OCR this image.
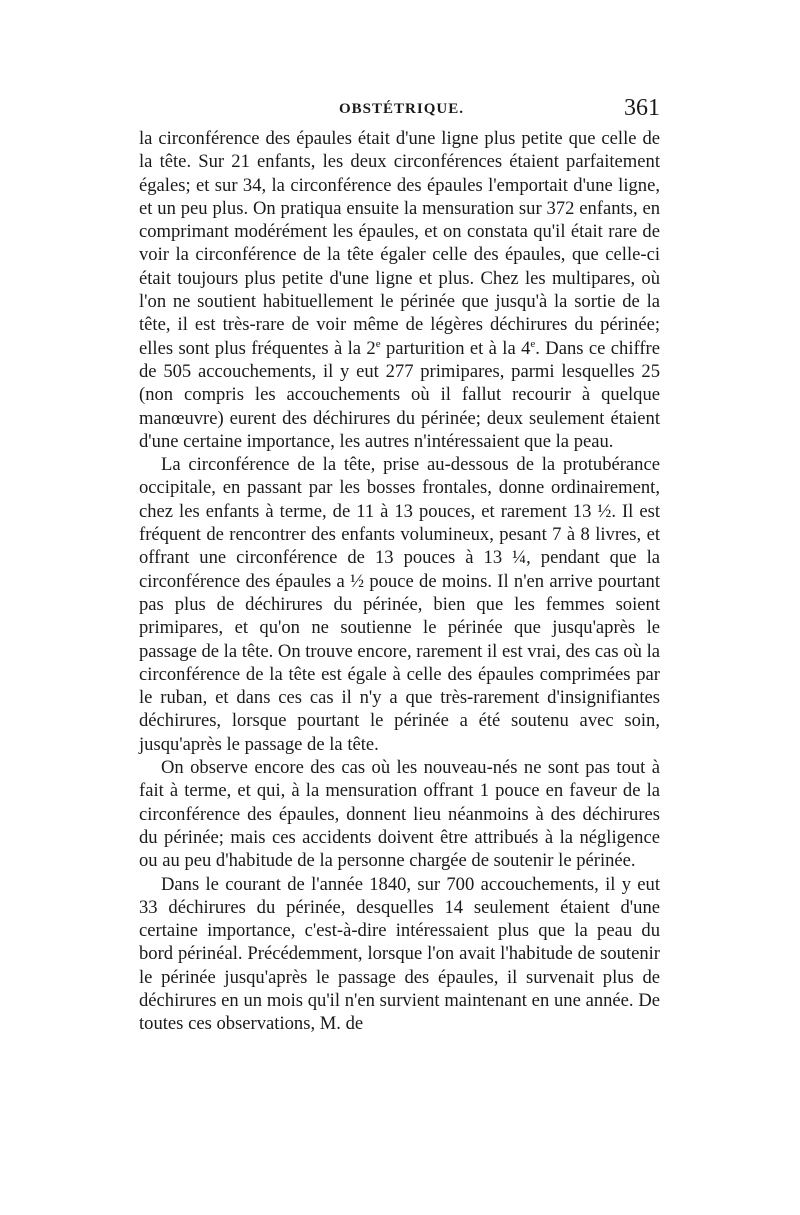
OBSTÉTRIQUE.	361

la circonférence des épaules était d'une ligne plus petite que celle de la tête. Sur 21 enfants, les deux circonférences étaient parfaitement égales; et sur 34, la circonférence des épaules l'emportait d'une ligne, et un peu plus. On pratiqua ensuite la mensuration sur 372 enfants, en comprimant modérément les épaules, et on constata qu'il était rare de voir la circonférence de la tête égaler celle des épaules, que celle-ci était toujours plus petite d'une ligne et plus. Chez les multipares, où l'on ne soutient habituellement le périnée que jusqu'à la sortie de la tête, il est très-rare de voir même de légères déchirures du périnée; elles sont plus fréquentes à la 2e parturition et à la 4e. Dans ce chiffre de 505 accouchements, il y eut 277 primipares, parmi lesquelles 25 (non compris les accouchements où il fallut recourir à quelque manœuvre) eurent des déchirures du périnée; deux seulement étaient d'une certaine importance, les autres n'intéressaient que la peau.

La circonférence de la tête, prise au-dessous de la protubérance occipitale, en passant par les bosses frontales, donne ordinairement, chez les enfants à terme, de 11 à 13 pouces, et rarement 13 ½. Il est fréquent de rencontrer des enfants volumineux, pesant 7 à 8 livres, et offrant une circonférence de 13 pouces à 13 ¼, pendant que la circonférence des épaules a ½ pouce de moins. Il n'en arrive pourtant pas plus de déchirures du périnée, bien que les femmes soient primipares, et qu'on ne soutienne le périnée que jusqu'après le passage de la tête. On trouve encore, rarement il est vrai, des cas où la circonférence de la tête est égale à celle des épaules comprimées par le ruban, et dans ces cas il n'y a que très-rarement d'insignifiantes déchirures, lorsque pourtant le périnée a été soutenu avec soin, jusqu'après le passage de la tête.

On observe encore des cas où les nouveau-nés ne sont pas tout à fait à terme, et qui, à la mensuration offrant 1 pouce en faveur de la circonférence des épaules, donnent lieu néanmoins à des déchirures du périnée; mais ces accidents doivent être attribués à la négligence ou au peu d'habitude de la personne chargée de soutenir le périnée.

Dans le courant de l'année 1840, sur 700 accouchements, il y eut 33 déchirures du périnée, desquelles 14 seulement étaient d'une certaine importance, c'est-à-dire intéressaient plus que la peau du bord périnéal. Précédemment, lorsque l'on avait l'habitude de soutenir le périnée jusqu'après le passage des épaules, il survenait plus de déchirures en un mois qu'il n'en survient maintenant en une année. De toutes ces observations, M. de
